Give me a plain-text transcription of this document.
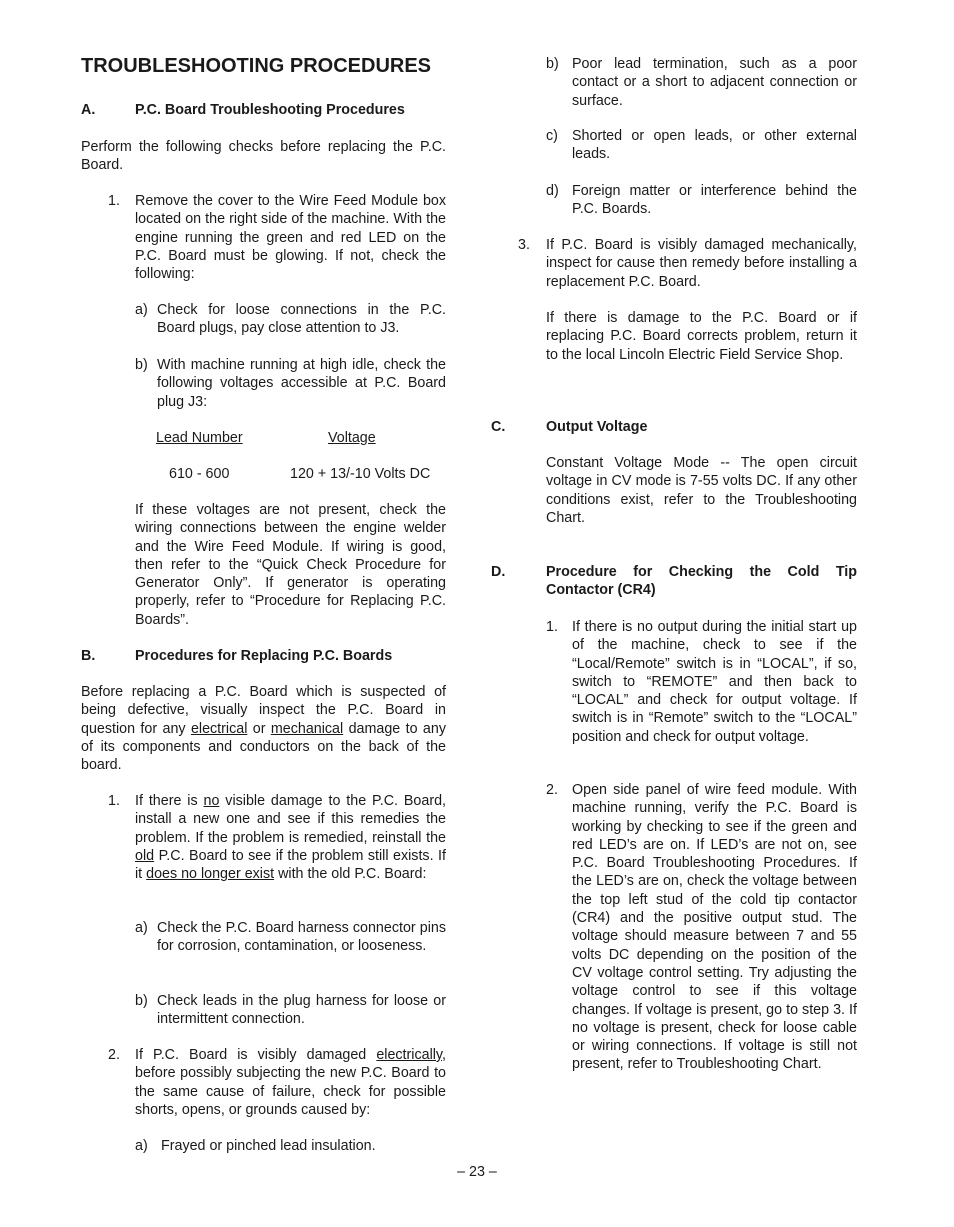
TROUBLESHOOTING PROCEDURES
A.	P.C. Board Troubleshooting Procedures

Perform the following checks before replacing the P.C. Board.

1. Remove the cover to the Wire Feed Module box located on the right side of the machine. With the engine running the green and red LED on the P.C. Board must be glowing. If not, check the following:

a) Check for loose connections in the P.C. Board plugs, pay close attention to J3.

b) With machine running at high idle, check the following voltages accessible at P.C. Board plug J3:

Lead Number	Voltage
610 - 600	120 + 13/-10 Volts DC

If these voltages are not present, check the wiring connections between the engine welder and the Wire Feed Module. If wiring is good, then refer to the “Quick Check Procedure for Generator Only”. If generator is operating properly, refer to “Procedure for Replacing P.C. Boards”.

B.	Procedures for Replacing P.C. Boards

Before replacing a P.C. Board which is suspected of being defective, visually inspect the P.C. Board in question for any electrical or mechanical damage to any of its components and conductors on the back of the board.

1. If there is no visible damage to the P.C. Board, install a new one and see if this remedies the problem. If the problem is remedied, reinstall the old P.C. Board to see if the problem still exists. If it does no longer exist with the old P.C. Board:

a) Check the P.C. Board harness connector pins for corrosion, contamination, or looseness.

b) Check leads in the plug harness for loose or intermittent connection.

2. If P.C. Board is visibly damaged electrically, before possibly subjecting the new P.C. Board to the same cause of failure, check for possible shorts, opens, or grounds caused by:

a) Frayed or pinched lead insulation.

b) Poor lead termination, such as a poor contact or a short to adjacent connection or surface.

c) Shorted or open leads, or other external leads.

d) Foreign matter or interference behind the P.C. Boards.

3. If P.C. Board is visibly damaged mechanically, inspect for cause then remedy before installing a replacement P.C. Board.

If there is damage to the P.C. Board or if replacing P.C. Board corrects problem, return it to the local Lincoln Electric Field Service Shop.

C.	Output Voltage

Constant Voltage Mode -- The open circuit voltage in CV mode is 7-55 volts DC. If any other conditions exist, refer to the Troubleshooting Chart.

D.	Procedure for Checking the Cold Tip Contactor (CR4)

1. If there is no output during the initial start up of the machine, check to see if the “Local/Remote” switch is in “LOCAL”, if so, switch to “REMOTE” and then back to “LOCAL” and check for output voltage. If switch is in “Remote” switch to the “LOCAL” position and check for output voltage.

2. Open side panel of wire feed module. With machine running, verify the P.C. Board is working by checking to see if the green and red LED’s are on. If LED’s are not on, see P.C. Board Troubleshooting Procedures. If the LED’s are on, check the voltage between the top left stud of the cold tip contactor (CR4) and the positive output stud. The voltage should measure between 7 and 55 volts DC depending on the position of the CV voltage control setting. Try adjusting the voltage control to see if this voltage changes. If voltage is present, go to step 3. If no voltage is present, check for loose cable or wiring connections. If voltage is still not present, refer to Troubleshooting Chart.

– 23 –
